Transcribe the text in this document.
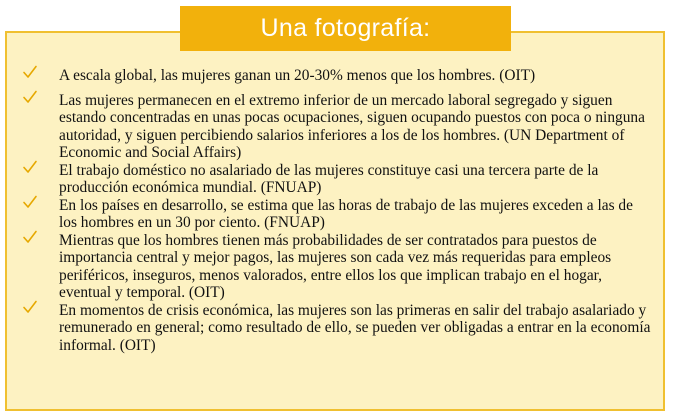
Una fotografía:
A escala global, las mujeres ganan un 20-30% menos que los hombres. (OIT)
Las mujeres permanecen en el extremo inferior de un mercado laboral segregado y siguen estando concentradas en unas pocas ocupaciones, siguen ocupando puestos con poca o ninguna autoridad, y siguen percibiendo salarios inferiores a los de los hombres. (UN Department of Economic and Social Affairs)
El trabajo doméstico no asalariado de las mujeres constituye casi una tercera parte de la producción económica mundial. (FNUAP)
En los países en desarrollo, se estima que las horas de trabajo de las mujeres exceden a las de los hombres en un 30 por ciento. (FNUAP)
Mientras que los hombres tienen más probabilidades de ser contratados para puestos de importancia central y mejor pagos, las mujeres son cada vez más requeridas para empleos periféricos, inseguros, menos valorados, entre ellos los que implican trabajo en el hogar, eventual y temporal. (OIT)
En momentos de crisis económica, las mujeres son las primeras en salir del trabajo asalariado y remunerado en general; como resultado de ello, se pueden ver obligadas a entrar en la economía informal. (OIT)
